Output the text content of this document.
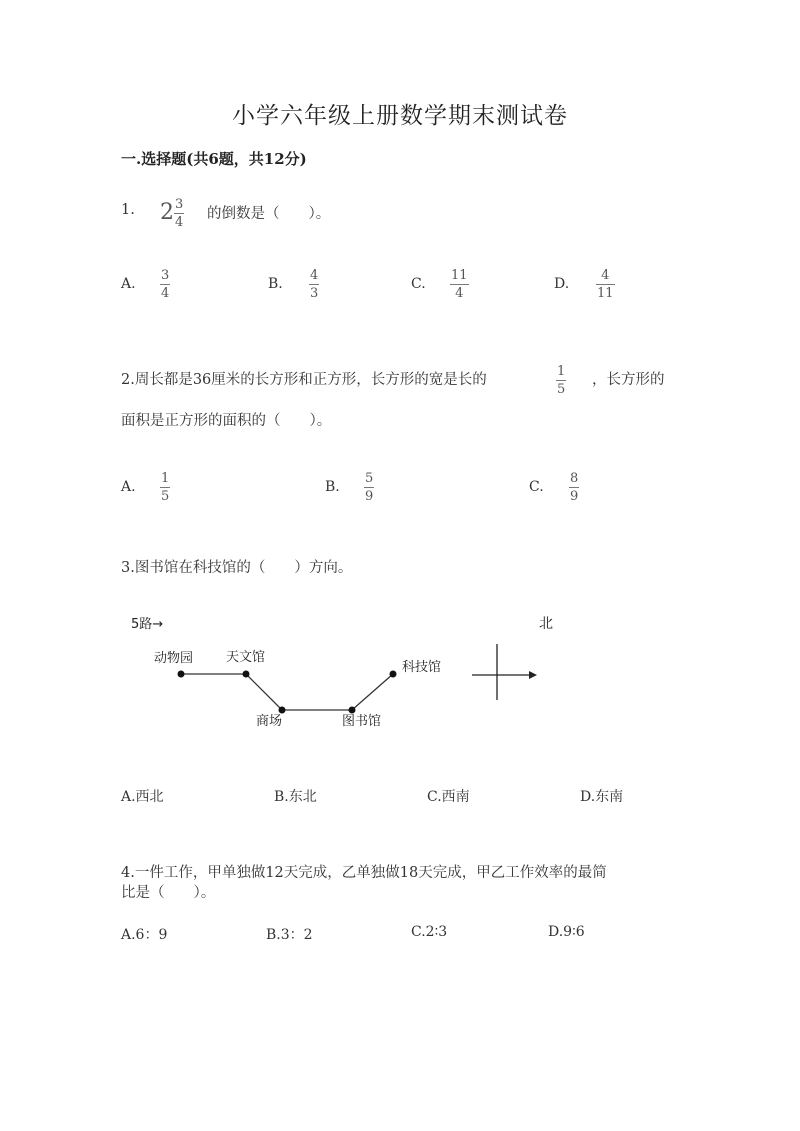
小学六年级上册数学期末测试卷
一.选择题(共6题，共12分)
1. 2 3
4
的倒数是（　　）。
A.
3
4
B.
4
3
C.
11
4
D.
4
11
2.周长都是36厘米的长方形和正方形，长方形的宽是长的
1
5
，长方形的
面积是正方形的面积的（　　）。
A.
1
5
B.
5
9
C.
8
9
3.图书馆在科技馆的（　　）方向。
5路→	北
动物园	天文馆
商场	图书馆
科技馆
A.西北	B.东北	C.西南	D.东南
4.一件工作，甲单独做12天完成，乙单独做18天完成，甲乙工作效率的最简
比是（　　）。
A.6：9	B.3：2	C.2∶3	D.9∶6
